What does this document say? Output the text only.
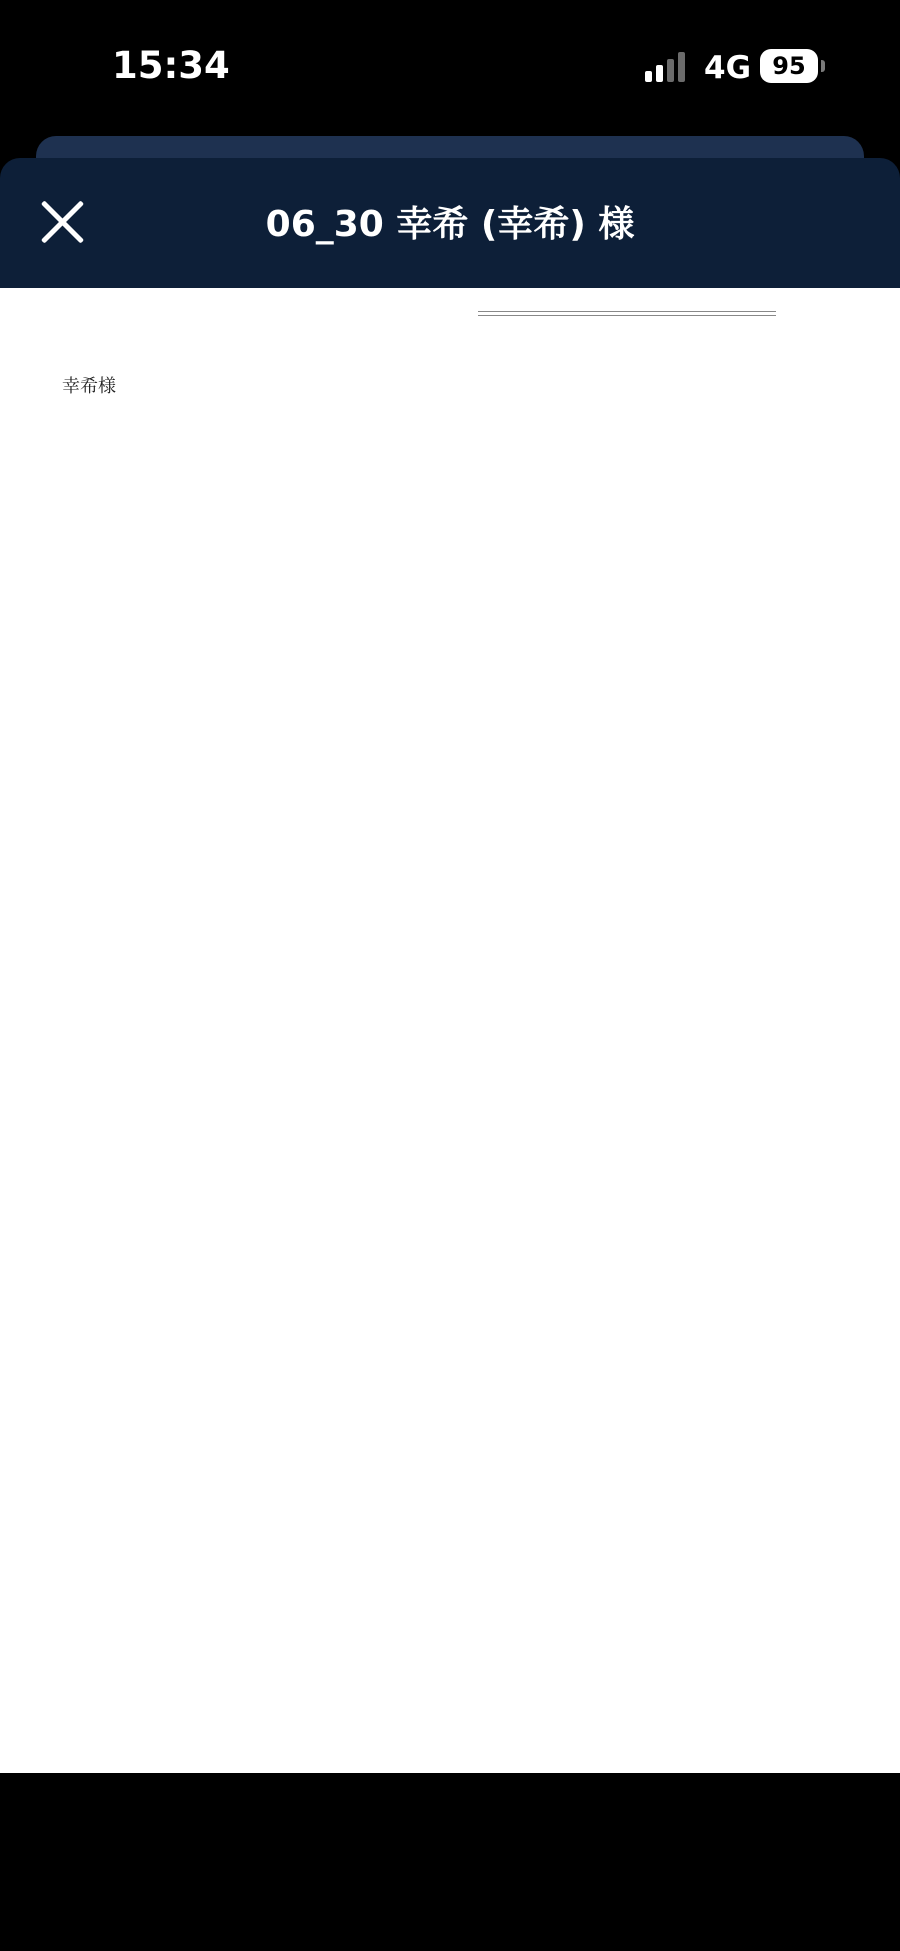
15:34	4G 95
06_30 幸希 (幸希) 様
幸希様
